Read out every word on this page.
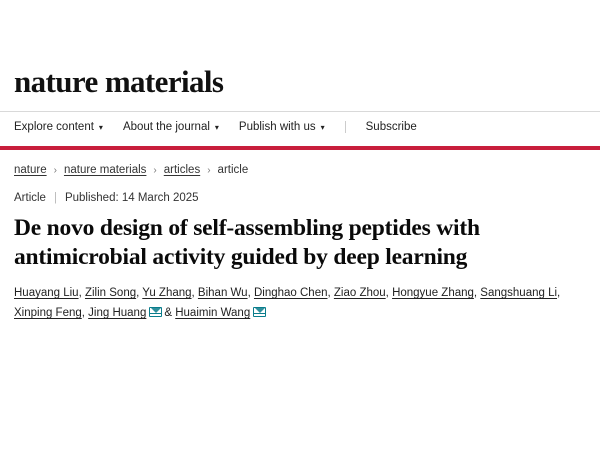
nature materials
Explore content ▾ About the journal ▾ Publish with us ▾	Subscribe
nature › nature materials › articles › article
Article | Published: 14 March 2025
De novo design of self-assembling peptides with antimicrobial activity guided by deep learning
Huayang Liu, Zilin Song, Yu Zhang, Bihan Wu, Dinghao Chen, Ziao Zhou, Hongyue Zhang, Sangshuang Li, Xinping Feng, Jing Huang & Huaimin Wang
